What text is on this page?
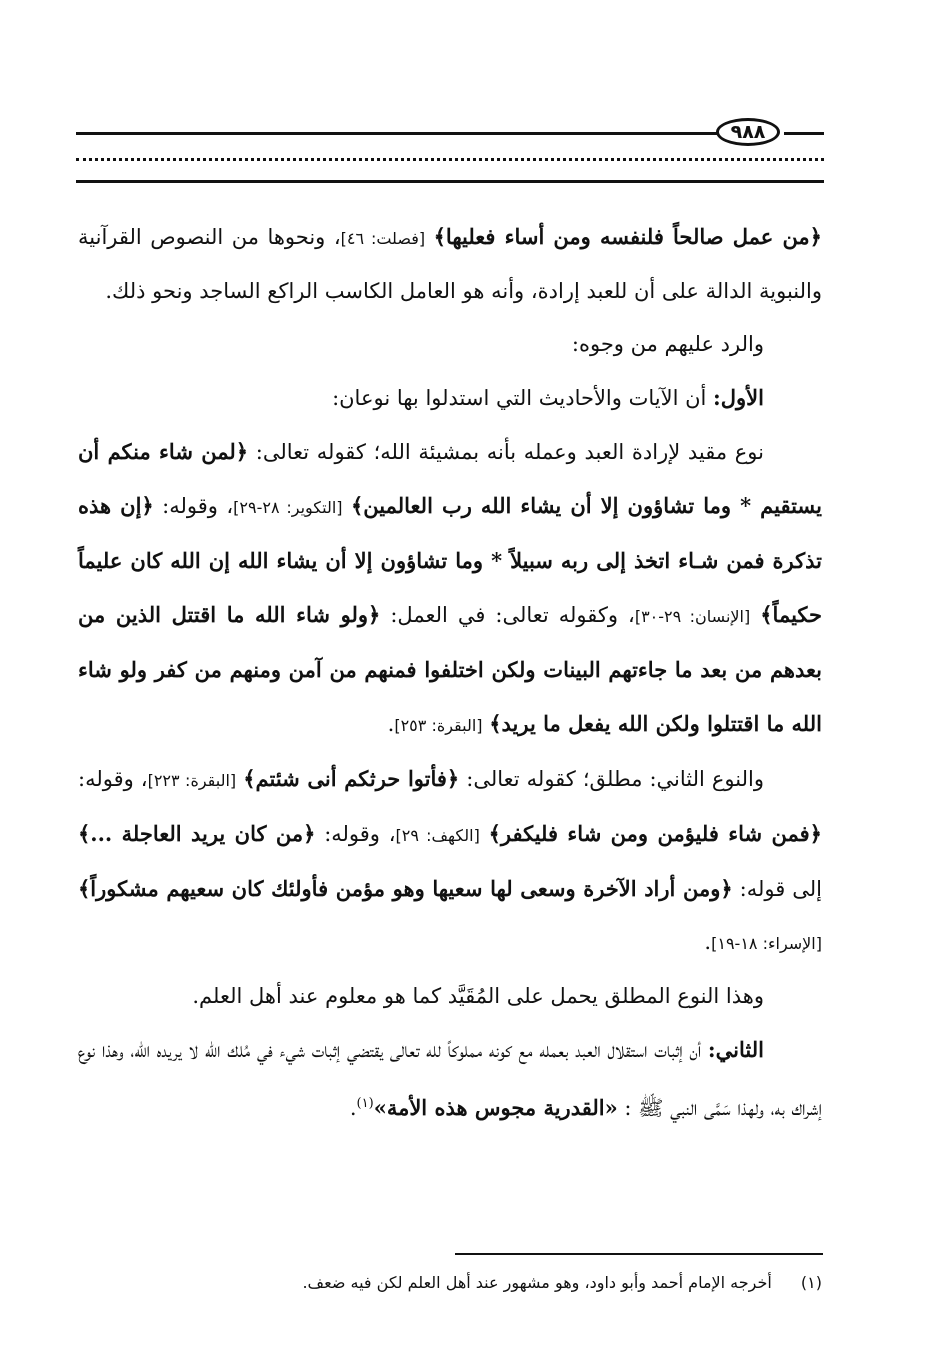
٩٨٨

﴿من عمل صالحاً فلنفسه ومن أساء فعليها﴾ [فصلت: ٤٦]، ونحوها من النصوص القرآنية والنبوية الدالة على أن للعبد إرادة، وأنه هو العامل الكاسب الراكع الساجد ونحو ذلك.

والرد عليهم من وجوه:

الأول: أن الآيات والأحاديث التي استدلوا بها نوعان:

نوع مقيد لإرادة العبد وعمله بأنه بمشيئة الله؛ كقوله تعالى: ﴿لمن شاء منكم أن يستقيم * وما تشاؤون إلا أن يشاء الله رب العالمين﴾ [التكوير: ٢٨-٢٩]، وقوله: ﴿إن هذه تذكرة فمن شـاء اتخذ إلى ربه سبيلاً * وما تشاؤون إلا أن يشاء الله إن الله كان عليماً حكيماً﴾ [الإنسان: ٢٩-٣٠]، وكقوله تعالى: في العمل: ﴿ولو شاء الله ما اقتتل الذين من بعدهم من بعد ما جاءتهم البينات ولكن اختلفوا فمنهم من آمن ومنهم من كفر ولو شاء الله ما اقتتلوا ولكن الله يفعل ما يريد﴾ [البقرة: ٢٥٣].

والنوع الثاني: مطلق؛ كقوله تعالى: ﴿فأتوا حرثكم أنى شئتم﴾ [البقرة: ٢٢٣]، وقوله: ﴿فمن شاء فليؤمن ومن شاء فليكفر﴾ [الكهف: ٢٩]، وقوله: ﴿من كان يريد العاجلة ...﴾ إلى قوله: ﴿ومن أراد الآخرة وسعى لها سعيها وهو مؤمن فأولئك كان سعيهم مشكوراً﴾ [الإسراء: ١٨-١٩].

وهذا النوع المطلق يحمل على المُقَيَّد كما هو معلوم عند أهل العلم.

الثاني: أن إثبات استقلال العبد بعمله مع كونه مملوكاً لله تعالى يقتضي إثبات شيء في مُلك الله لا يريده الله، وهذا نوع إشراك به، ولهذا سَمَّى النبي ﷺ : «القدرية مجوس هذه الأمة»$^{(١)}$.

(١) أخرجه الإمام أحمد وأبو داود، وهو مشهور عند أهل العلم لكن فيه ضعف.
